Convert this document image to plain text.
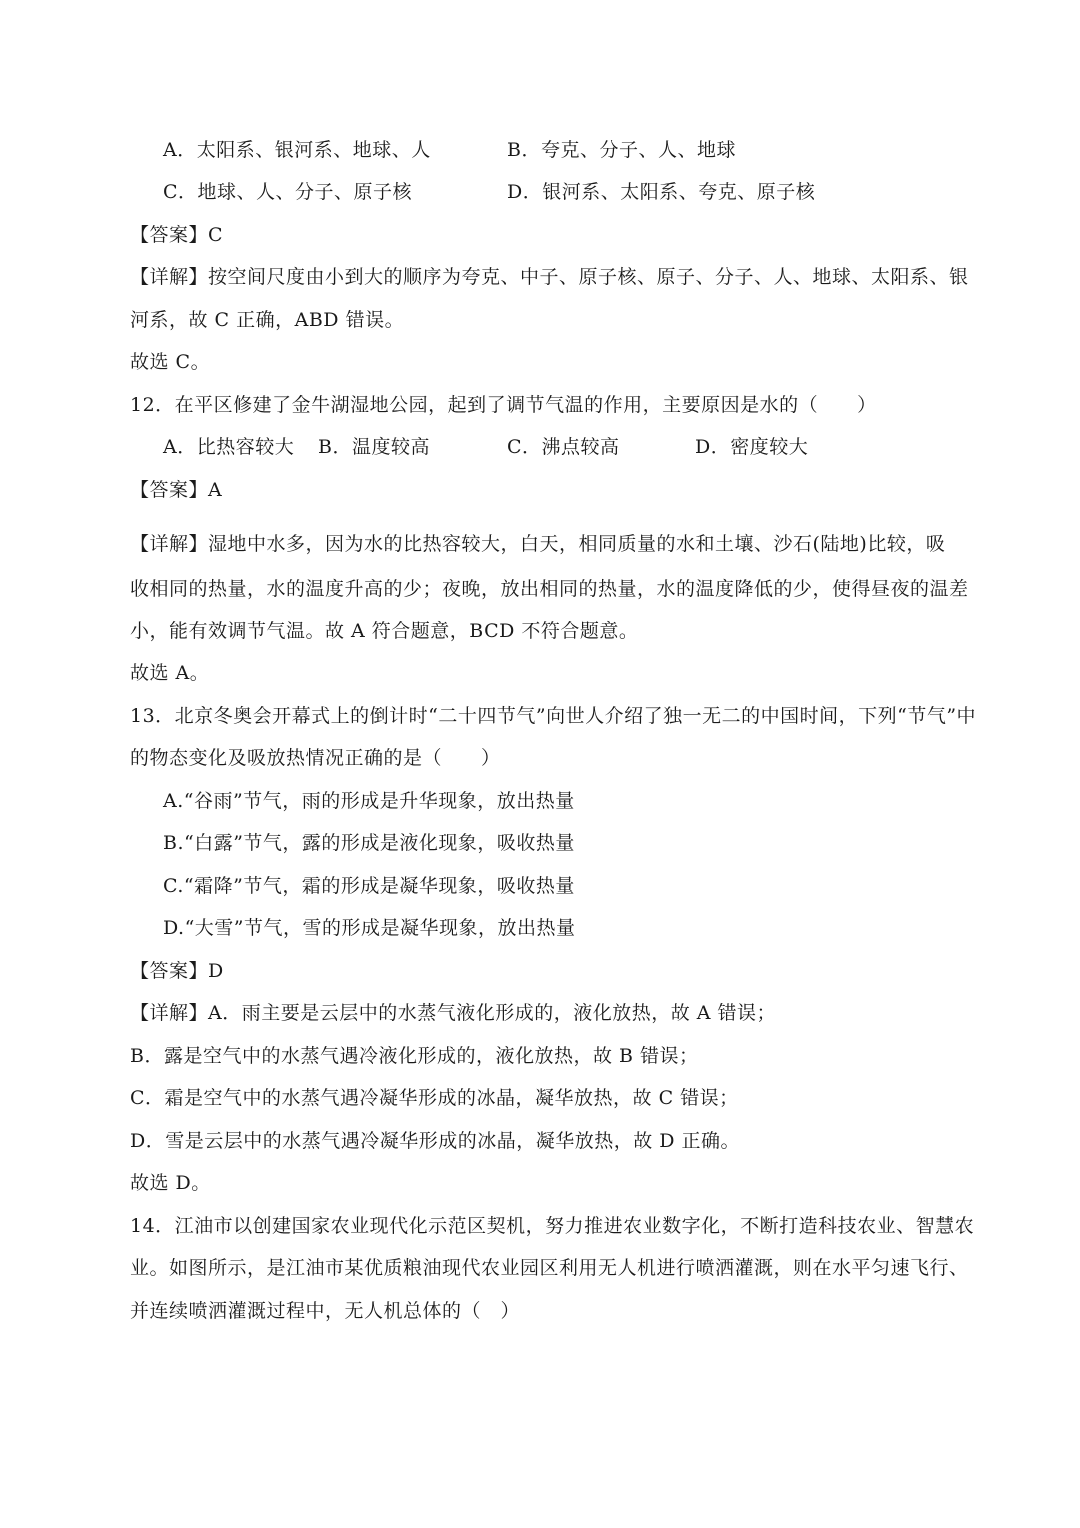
A．太阳系、银河系、地球、人	B．夸克、分子、人、地球
C．地球、人、分子、原子核	D．银河系、太阳系、夸克、原子核
【答案】C
【详解】按空间尺度由小到大的顺序为夸克、中子、原子核、原子、分子、人、地球、太阳系、银
河系，故 C 正确，ABD 错误。
故选 C。
12．在平区修建了金牛湖湿地公园，起到了调节气温的作用，主要原因是水的（　　）
A．比热容较大 B．温度较高	C．沸点较高	D．密度较大
【答案】A
【详解】湿地中水多，因为水的比热容较大，白天，相同质量的水和土壤、沙石(陆地)比较，吸
收相同的热量，水的温度升高的少；夜晚，放出相同的热量，水的温度降低的少，使得昼夜的温差
小，能有效调节气温。故 A 符合题意，BCD 不符合题意。
故选 A。
13．北京冬奥会开幕式上的倒计时“二十四节气”向世人介绍了独一无二的中国时间，下列“节气”中
的物态变化及吸放热情况正确的是（　　）
A.“谷雨”节气，雨的形成是升华现象，放出热量
B.“白露”节气，露的形成是液化现象，吸收热量
C.“霜降”节气，霜的形成是凝华现象，吸收热量
D.“大雪”节气，雪的形成是凝华现象，放出热量
【答案】D
【详解】A．雨主要是云层中的水蒸气液化形成的，液化放热，故 A 错误；
B．露是空气中的水蒸气遇冷液化形成的，液化放热，故 B 错误；
C．霜是空气中的水蒸气遇冷凝华形成的冰晶，凝华放热，故 C 错误；
D．雪是云层中的水蒸气遇冷凝华形成的冰晶，凝华放热，故 D 正确。
故选 D。
14．江油市以创建国家农业现代化示范区契机，努力推进农业数字化，不断打造科技农业、智慧农
业。如图所示，是江油市某优质粮油现代农业园区利用无人机进行喷洒灌溉，则在水平匀速飞行、
并连续喷洒灌溉过程中，无人机总体的（　）
